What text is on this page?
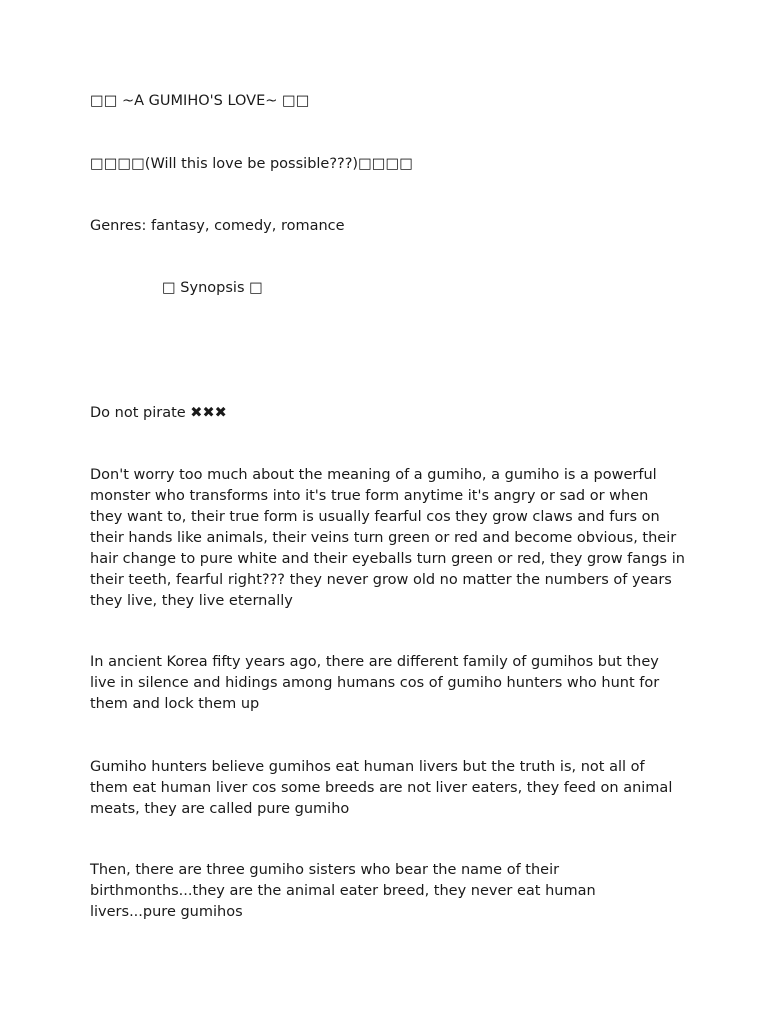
□□ ~A GUMIHO'S LOVE~ □□
□□□□(Will this love be possible???)□□□□
Genres: fantasy, comedy, romance
□ Synopsis □
Do not pirate ✖✖✖
Don't worry too much about the meaning of a gumiho, a gumiho is a powerful monster who transforms into it's true form anytime it's angry or sad or when they want to, their true form is usually fearful cos they grow claws and furs on their hands like animals, their veins turn green or red and become obvious, their hair change to pure white and their eyeballs turn green or red, they grow fangs in their teeth, fearful right??? they never grow old no matter the numbers of years they live, they live eternally
In ancient Korea fifty years ago, there are different family of gumihos but they live in silence and hidings among humans cos of gumiho hunters who hunt for them and lock them up
Gumiho hunters believe gumihos eat human livers but the truth is, not all of them eat human liver cos some breeds are not liver eaters, they feed on animal meats, they are called pure gumiho
Then, there are three gumiho sisters who bear the name of their birthmonths...they are the animal eater breed, they never eat human livers...pure gumihos
